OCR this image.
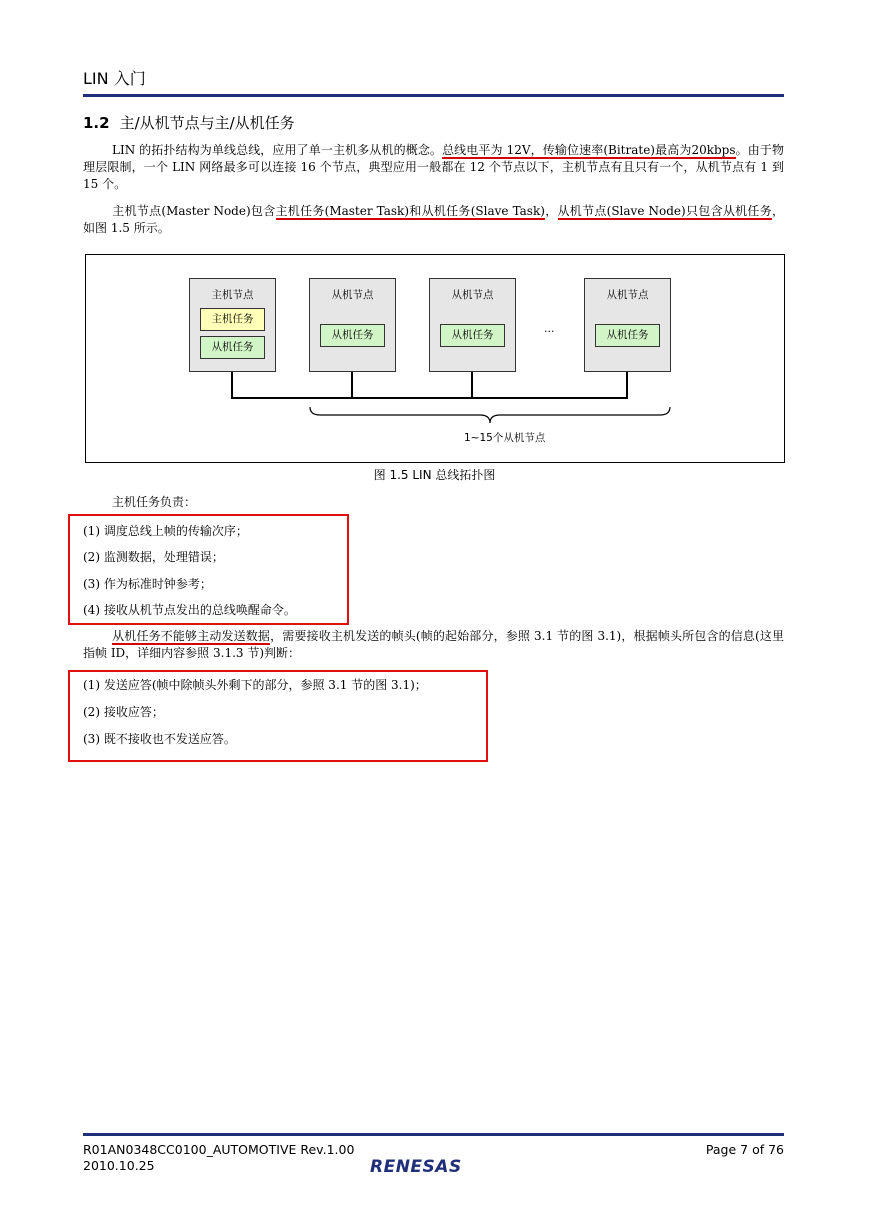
LIN 入门
1.2 主/从机节点与主/从机任务
LIN 的拓扑结构为单线总线，应用了单一主机多从机的概念。总线电平为 12V，传输位速率(Bitrate)最高为20kbps。由于物理层限制，一个 LIN 网络最多可以连接 16 个节点，典型应用一般都在 12 个节点以下，主机节点有且只有一个，从机节点有 1 到 15 个。
主机节点(Master Node)包含主机任务(Master Task)和从机任务(Slave Task)，从机节点(Slave Node)只包含从机任务，如图 1.5 所示。
主机节点
主机任务
从机任务
从机节点
从机任务
从机节点
从机任务	···
从机节点
从机任务
1~15个从机节点
图 1.5 LIN 总线拓扑图
主机任务负责：
(1) 调度总线上帧的传输次序；
(2) 监测数据，处理错误；
(3) 作为标准时钟参考；
(4) 接收从机节点发出的总线唤醒命令。
从机任务不能够主动发送数据，需要接收主机发送的帧头(帧的起始部分，参照 3.1 节的图 3.1)，根据帧头所包含的信息(这里指帧 ID，详细内容参照 3.1.3 节)判断：
(1) 发送应答(帧中除帧头外剩下的部分，参照 3.1 节的图 3.1)；
(2) 接收应答；
(3) 既不接收也不发送应答。
R01AN0348CC0100_AUTOMOTIVE Rev.1.00
2010.10.25
Page 7 of 76
RENESAS
